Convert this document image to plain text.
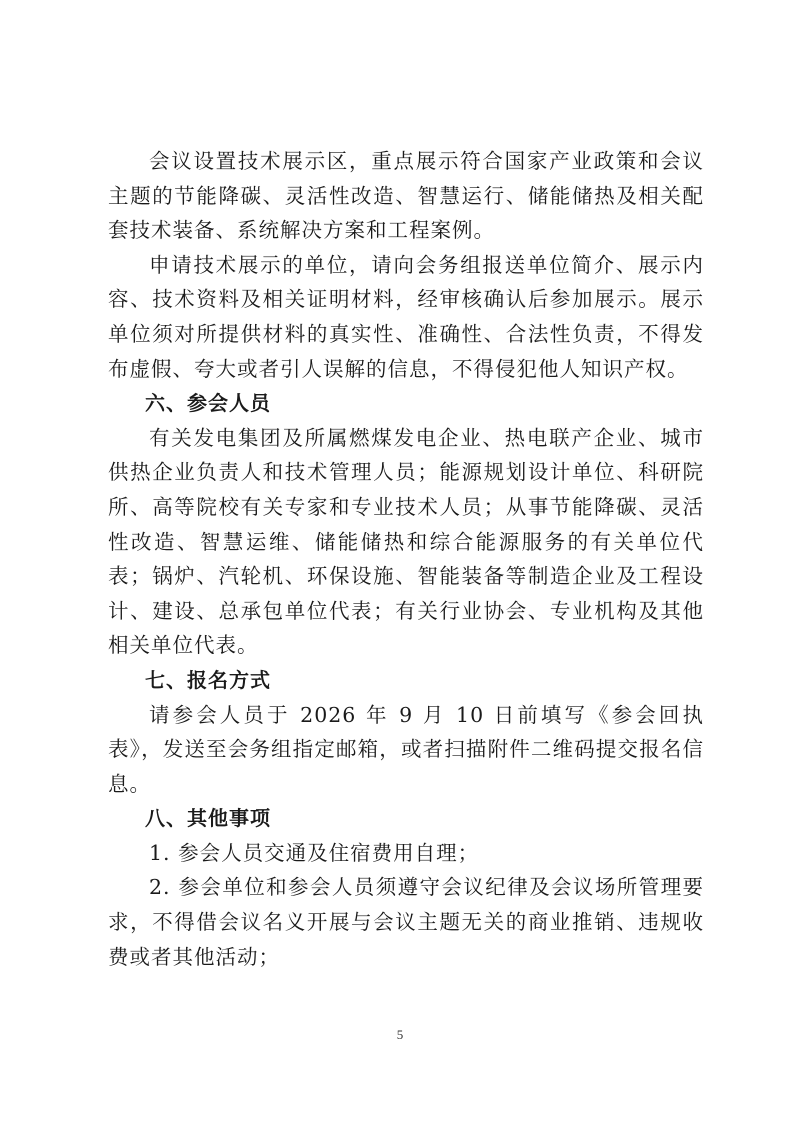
会议设置技术展示区，重点展示符合国家产业政策和会议主题的节能降碳、灵活性改造、智慧运行、储能储热及相关配套技术装备、系统解决方案和工程案例。

申请技术展示的单位，请向会务组报送单位简介、展示内容、技术资料及相关证明材料，经审核确认后参加展示。展示单位须对所提供材料的真实性、准确性、合法性负责，不得发布虚假、夸大或者引人误解的信息，不得侵犯他人知识产权。

六、参会人员

有关发电集团及所属燃煤发电企业、热电联产企业、城市供热企业负责人和技术管理人员；能源规划设计单位、科研院所、高等院校有关专家和专业技术人员；从事节能降碳、灵活性改造、智慧运维、储能储热和综合能源服务的有关单位代表；锅炉、汽轮机、环保设施、智能装备等制造企业及工程设计、建设、总承包单位代表；有关行业协会、专业机构及其他相关单位代表。

七、报名方式

请参会人员于 2026 年 9 月 10 日前填写《参会回执表》，发送至会务组指定邮箱，或者扫描附件二维码提交报名信息。

八、其他事项

1. 参会人员交通及住宿费用自理；

2. 参会单位和参会人员须遵守会议纪律及会议场所管理要求，不得借会议名义开展与会议主题无关的商业推销、违规收费或者其他活动；

5
